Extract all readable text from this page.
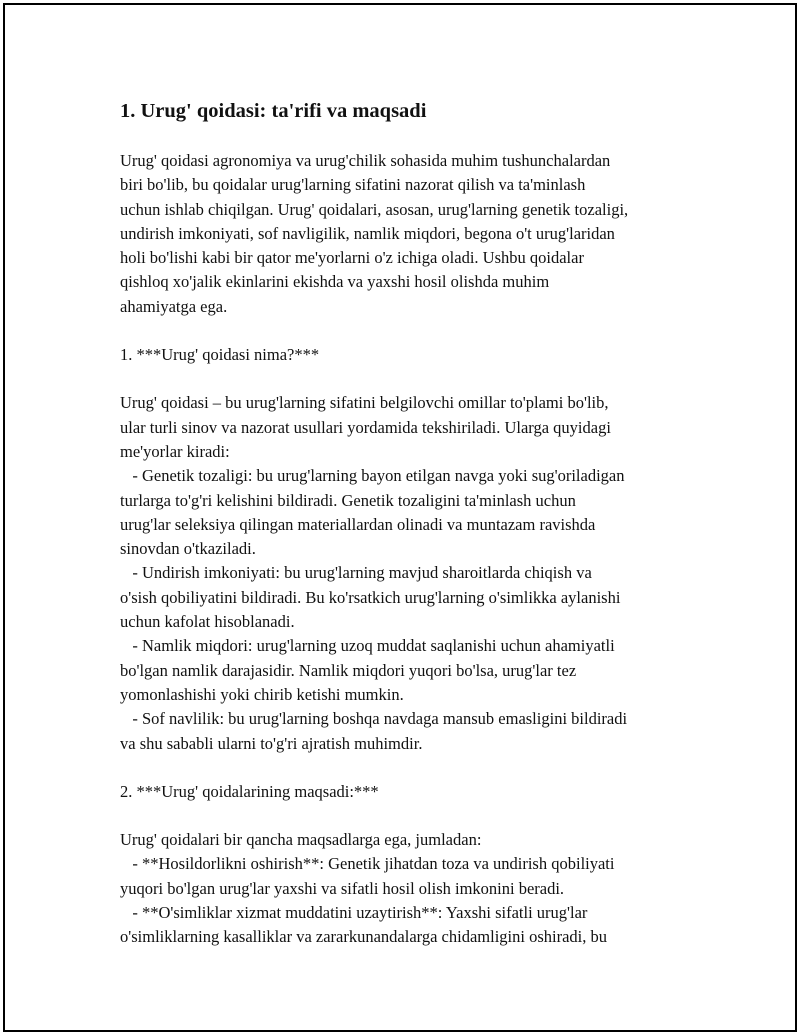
1. Urug' qoidasi: ta'rifi va maqsadi
Urug' qoidasi agronomiya va urug'chilik sohasida muhim tushunchalardan
biri bo'lib, bu qoidalar urug'larning sifatini nazorat qilish va ta'minlash
uchun ishlab chiqilgan. Urug' qoidalari, asosan, urug'larning genetik tozaligi,
undirish imkoniyati, sof navligilik, namlik miqdori, begona o't urug'laridan
holi bo'lishi kabi bir qator me'yorlarni o'z ichiga oladi. Ushbu qoidalar
qishloq xo'jalik ekinlarini ekishda va yaxshi hosil olishda muhim
ahamiyatga ega.
1. ***Urug' qoidasi nima?***
Urug' qoidasi – bu urug'larning sifatini belgilovchi omillar to'plami bo'lib,
ular turli sinov va nazorat usullari yordamida tekshiriladi. Ularga quyidagi
me'yorlar kiradi:
- Genetik tozaligi: bu urug'larning bayon etilgan navga yoki sug'oriladigan
turlarga to'g'ri kelishini bildiradi. Genetik tozaligini ta'minlash uchun
urug'lar seleksiya qilingan materiallardan olinadi va muntazam ravishda
sinovdan o'tkaziladi.
- Undirish imkoniyati: bu urug'larning mavjud sharoitlarda chiqish va
o'sish qobiliyatini bildiradi. Bu ko'rsatkich urug'larning o'simlikka aylanishi
uchun kafolat hisoblanadi.
- Namlik miqdori: urug'larning uzoq muddat saqlanishi uchun ahamiyatli
bo'lgan namlik darajasidir. Namlik miqdori yuqori bo'lsa, urug'lar tez
yomonlashishi yoki chirib ketishi mumkin.
- Sof navlilik: bu urug'larning boshqa navdaga mansub emasligini bildiradi
va shu sababli ularni to'g'ri ajratish muhimdir.
2. ***Urug' qoidalarining maqsadi:***
Urug' qoidalari bir qancha maqsadlarga ega, jumladan:
- **Hosildorlikni oshirish**: Genetik jihatdan toza va undirish qobiliyati
yuqori bo'lgan urug'lar yaxshi va sifatli hosil olish imkonini beradi.
- **O'simliklar xizmat muddatini uzaytirish**: Yaxshi sifatli urug'lar
o'simliklarning kasalliklar va zararkunandalarga chidamligini oshiradi, bu
